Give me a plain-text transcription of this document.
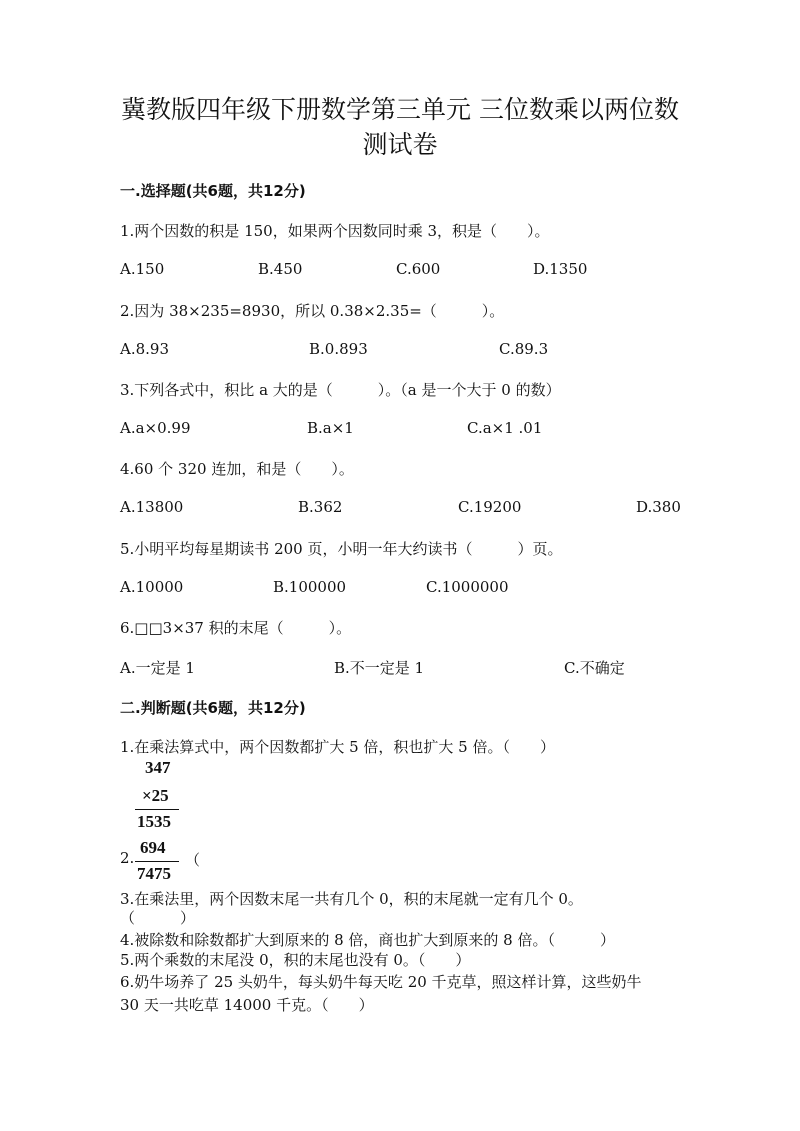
冀教版四年级下册数学第三单元 三位数乘以两位数
测试卷
一.选择题(共6题，共12分)
1.两个因数的积是 150，如果两个因数同时乘 3，积是（　　）。
A.150	B.450	C.600	D.1350
2.因为 38×235=8930，所以 0.38×2.35=（　　　）。
A.8.93	B.0.893	C.89.3
3.下列各式中，积比 a 大的是（　　　）。（a 是一个大于 0 的数）
A.a×0.99	B.a×1	C.a×1 .01
4.60 个 320 连加，和是（　　）。
A.13800	B.362	C.19200	D.380
5.小明平均每星期读书 200 页，小明一年大约读书（　　　）页。
A.10000	B.100000	C.1000000
6.□□3×37 积的末尾（　　　）。
A.一定是 1	B.不一定是 1	C.不确定
二.判断题(共6题，共12分)
1.在乘法算式中，两个因数都扩大 5 倍，积也扩大 5 倍。（　　）
347
×25
1535
2.
694
7475
（
3.在乘法里，两个因数末尾一共有几个 0，积的末尾就一定有几个 0。
（　　　）
4.被除数和除数都扩大到原来的 8 倍，商也扩大到原来的 8 倍。（　　　）
5.两个乘数的末尾没 0，积的末尾也没有 0。（　　）
6.奶牛场养了 25 头奶牛，每头奶牛每天吃 20 千克草，照这样计算，这些奶牛
30 天一共吃草 14000 千克。（　　）
